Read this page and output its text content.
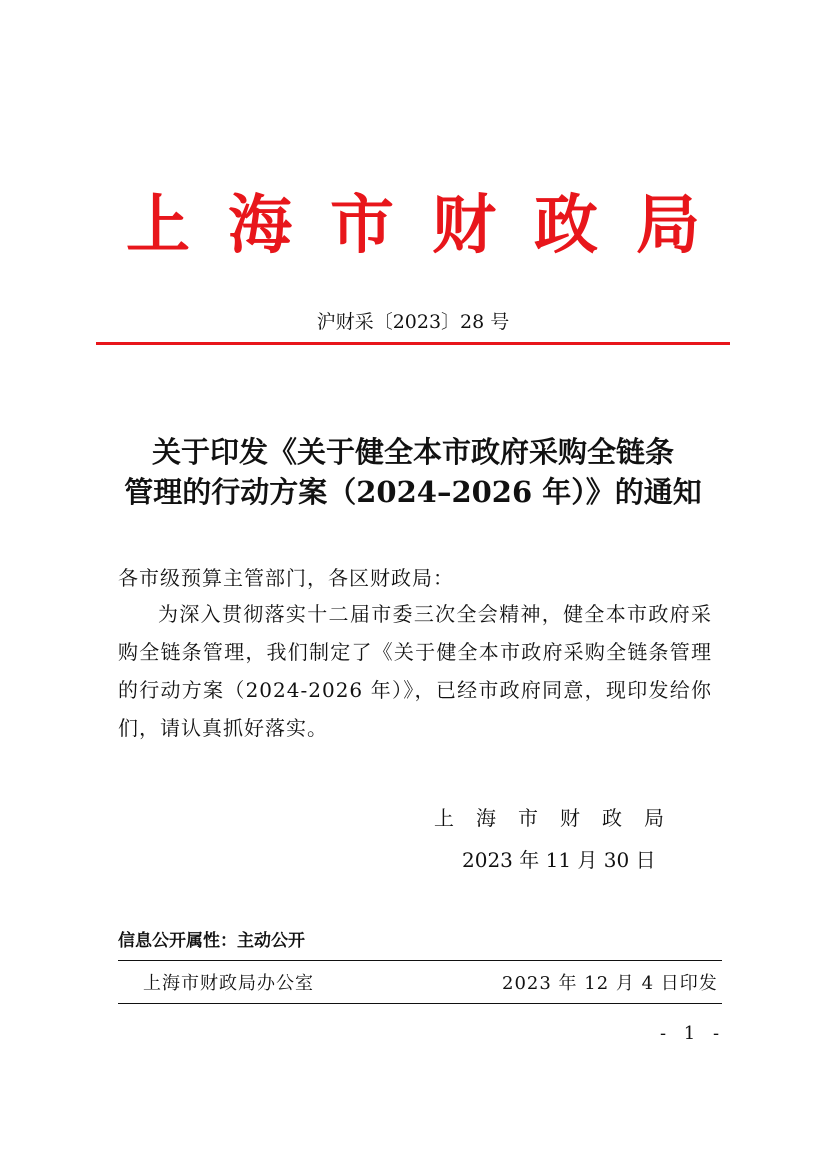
上海市财政局
沪财采〔2023〕28 号
关于印发《关于健全本市政府采购全链条
管理的行动方案（2024–2026 年）》的通知
各市级预算主管部门，各区财政局：
为深入贯彻落实十二届市委三次全会精神，健全本市政府采购全链条管理，我们制定了《关于健全本市政府采购全链条管理的行动方案（2024-2026 年）》，已经市政府同意，现印发给你们，请认真抓好落实。
上海市财政局
2023 年 11 月 30 日
信息公开属性：主动公开
上海市财政局办公室	2023 年 12 月 4 日印发
- 1 -
